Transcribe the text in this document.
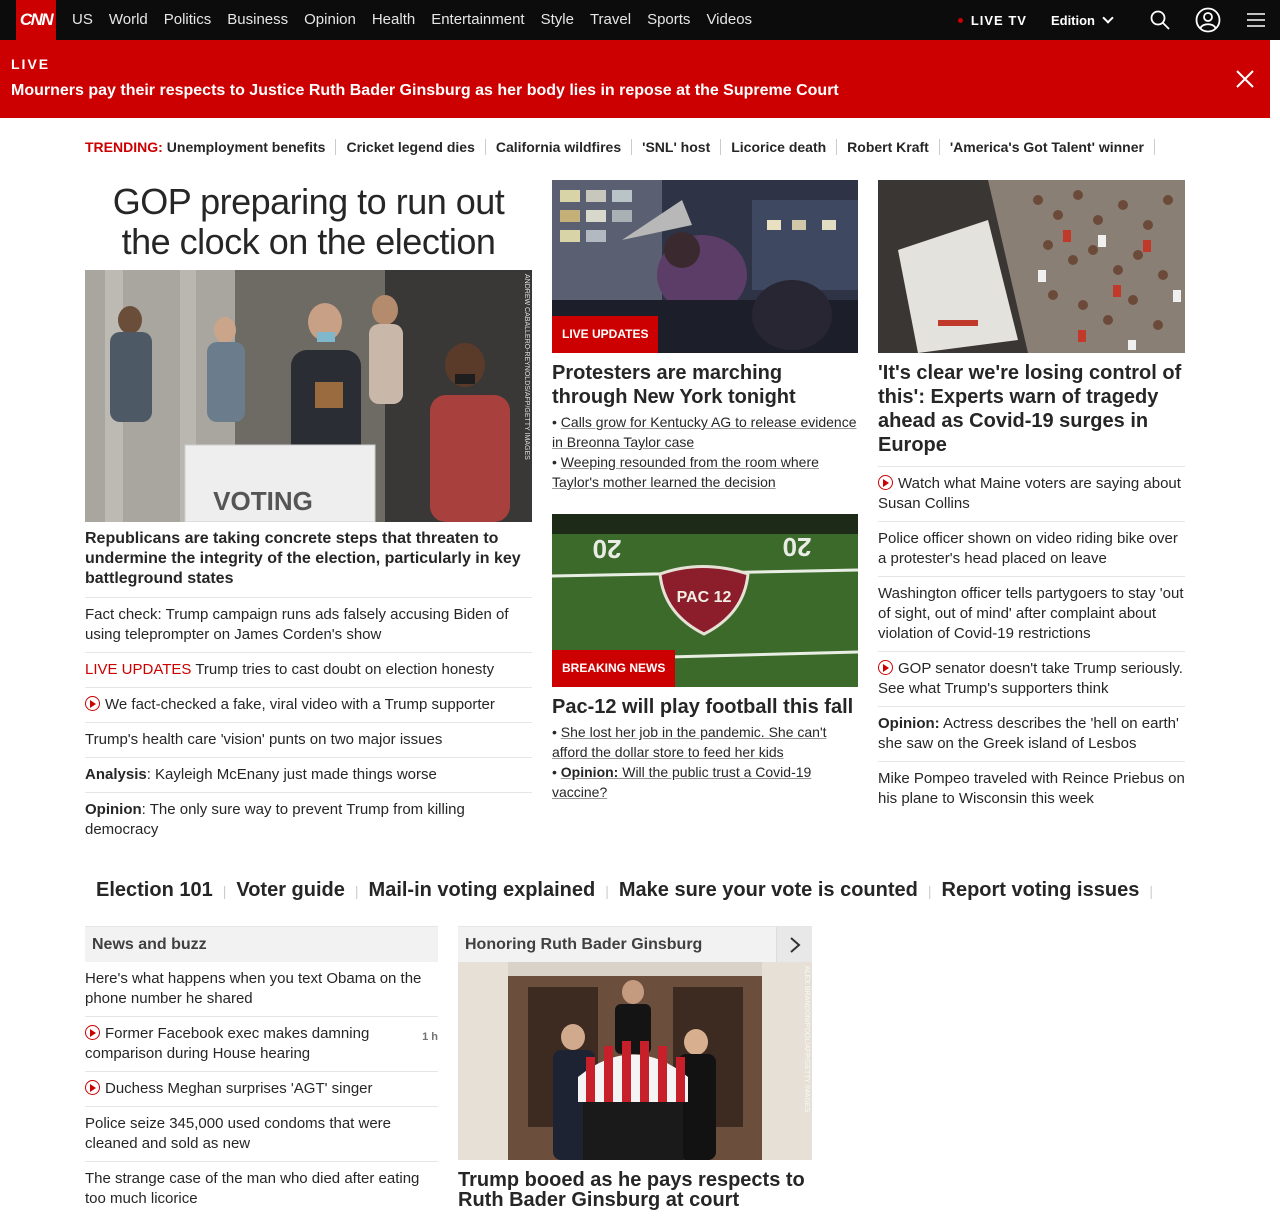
CNN	US	World	Politics	Business	Opinion	Health	Entertainment	Style	Travel	Sports	Videos	LIVE TV Edition
LIVE
Mourners pay their respects to Justice Ruth Bader Ginsburg as her body lies in repose at the Supreme Court
TRENDING: Unemployment benefits	Cricket legend dies	California wildfires	'SNL' host	Licorice death	Robert Kraft	'America's Got Talent' winner
GOP preparing to run out the clock on the election
VOTING
ANDREW CABALLERO-REYNOLDS/AFP/GETTY IMAGES
Republicans are taking concrete steps that threaten to undermine the integrity of the election, particularly in key battleground states
Fact check: Trump campaign runs ads falsely accusing Biden of using teleprompter on James Corden's show
LIVE UPDATES Trump tries to cast doubt on election honesty
We fact-checked a fake, viral video with a Trump supporter
Trump's health care 'vision' punts on two major issues
Analysis: Kayleigh McEnany just made things worse
Opinion: The only sure way to prevent Trump from killing democracy
LIVE UPDATES
Protesters are marching through New York tonight
• Calls grow for Kentucky AG to release evidence in Breonna Taylor case
• Weeping resounded from the room where Taylor's mother learned the decision
20	20
PAC 12
BREAKING NEWS
Pac-12 will play football this fall
• She lost her job in the pandemic. She can't afford the dollar store to feed her kids
• Opinion: Will the public trust a Covid-19 vaccine?
'It's clear we're losing control of this': Experts warn of tragedy ahead as Covid-19 surges in Europe
Watch what Maine voters are saying about Susan Collins
Police officer shown on video riding bike over a protester's head placed on leave
Washington officer tells partygoers to stay 'out of sight, out of mind' after complaint about violation of Covid-19 restrictions
GOP senator doesn't take Trump seriously. See what Trump's supporters think
Opinion: Actress describes the 'hell on earth' she saw on the Greek island of Lesbos
Mike Pompeo traveled with Reince Priebus on his plane to Wisconsin this week
Election 101 | Voter guide | Mail-in voting explained | Make sure your vote is counted | Report voting issues |
News and buzz
Here's what happens when you text Obama on the phone number he shared
Former Facebook exec makes damning comparison during House hearing
1 h
Duchess Meghan surprises 'AGT' singer
Police seize 345,000 used condoms that were cleaned and sold as new
The strange case of the man who died after eating too much licorice
Honoring Ruth Bader Ginsburg
ALEX BRANDON/POOL/AFP/GETTY IMAGES
Trump booed as he pays respects to Ruth Bader Ginsburg at court
